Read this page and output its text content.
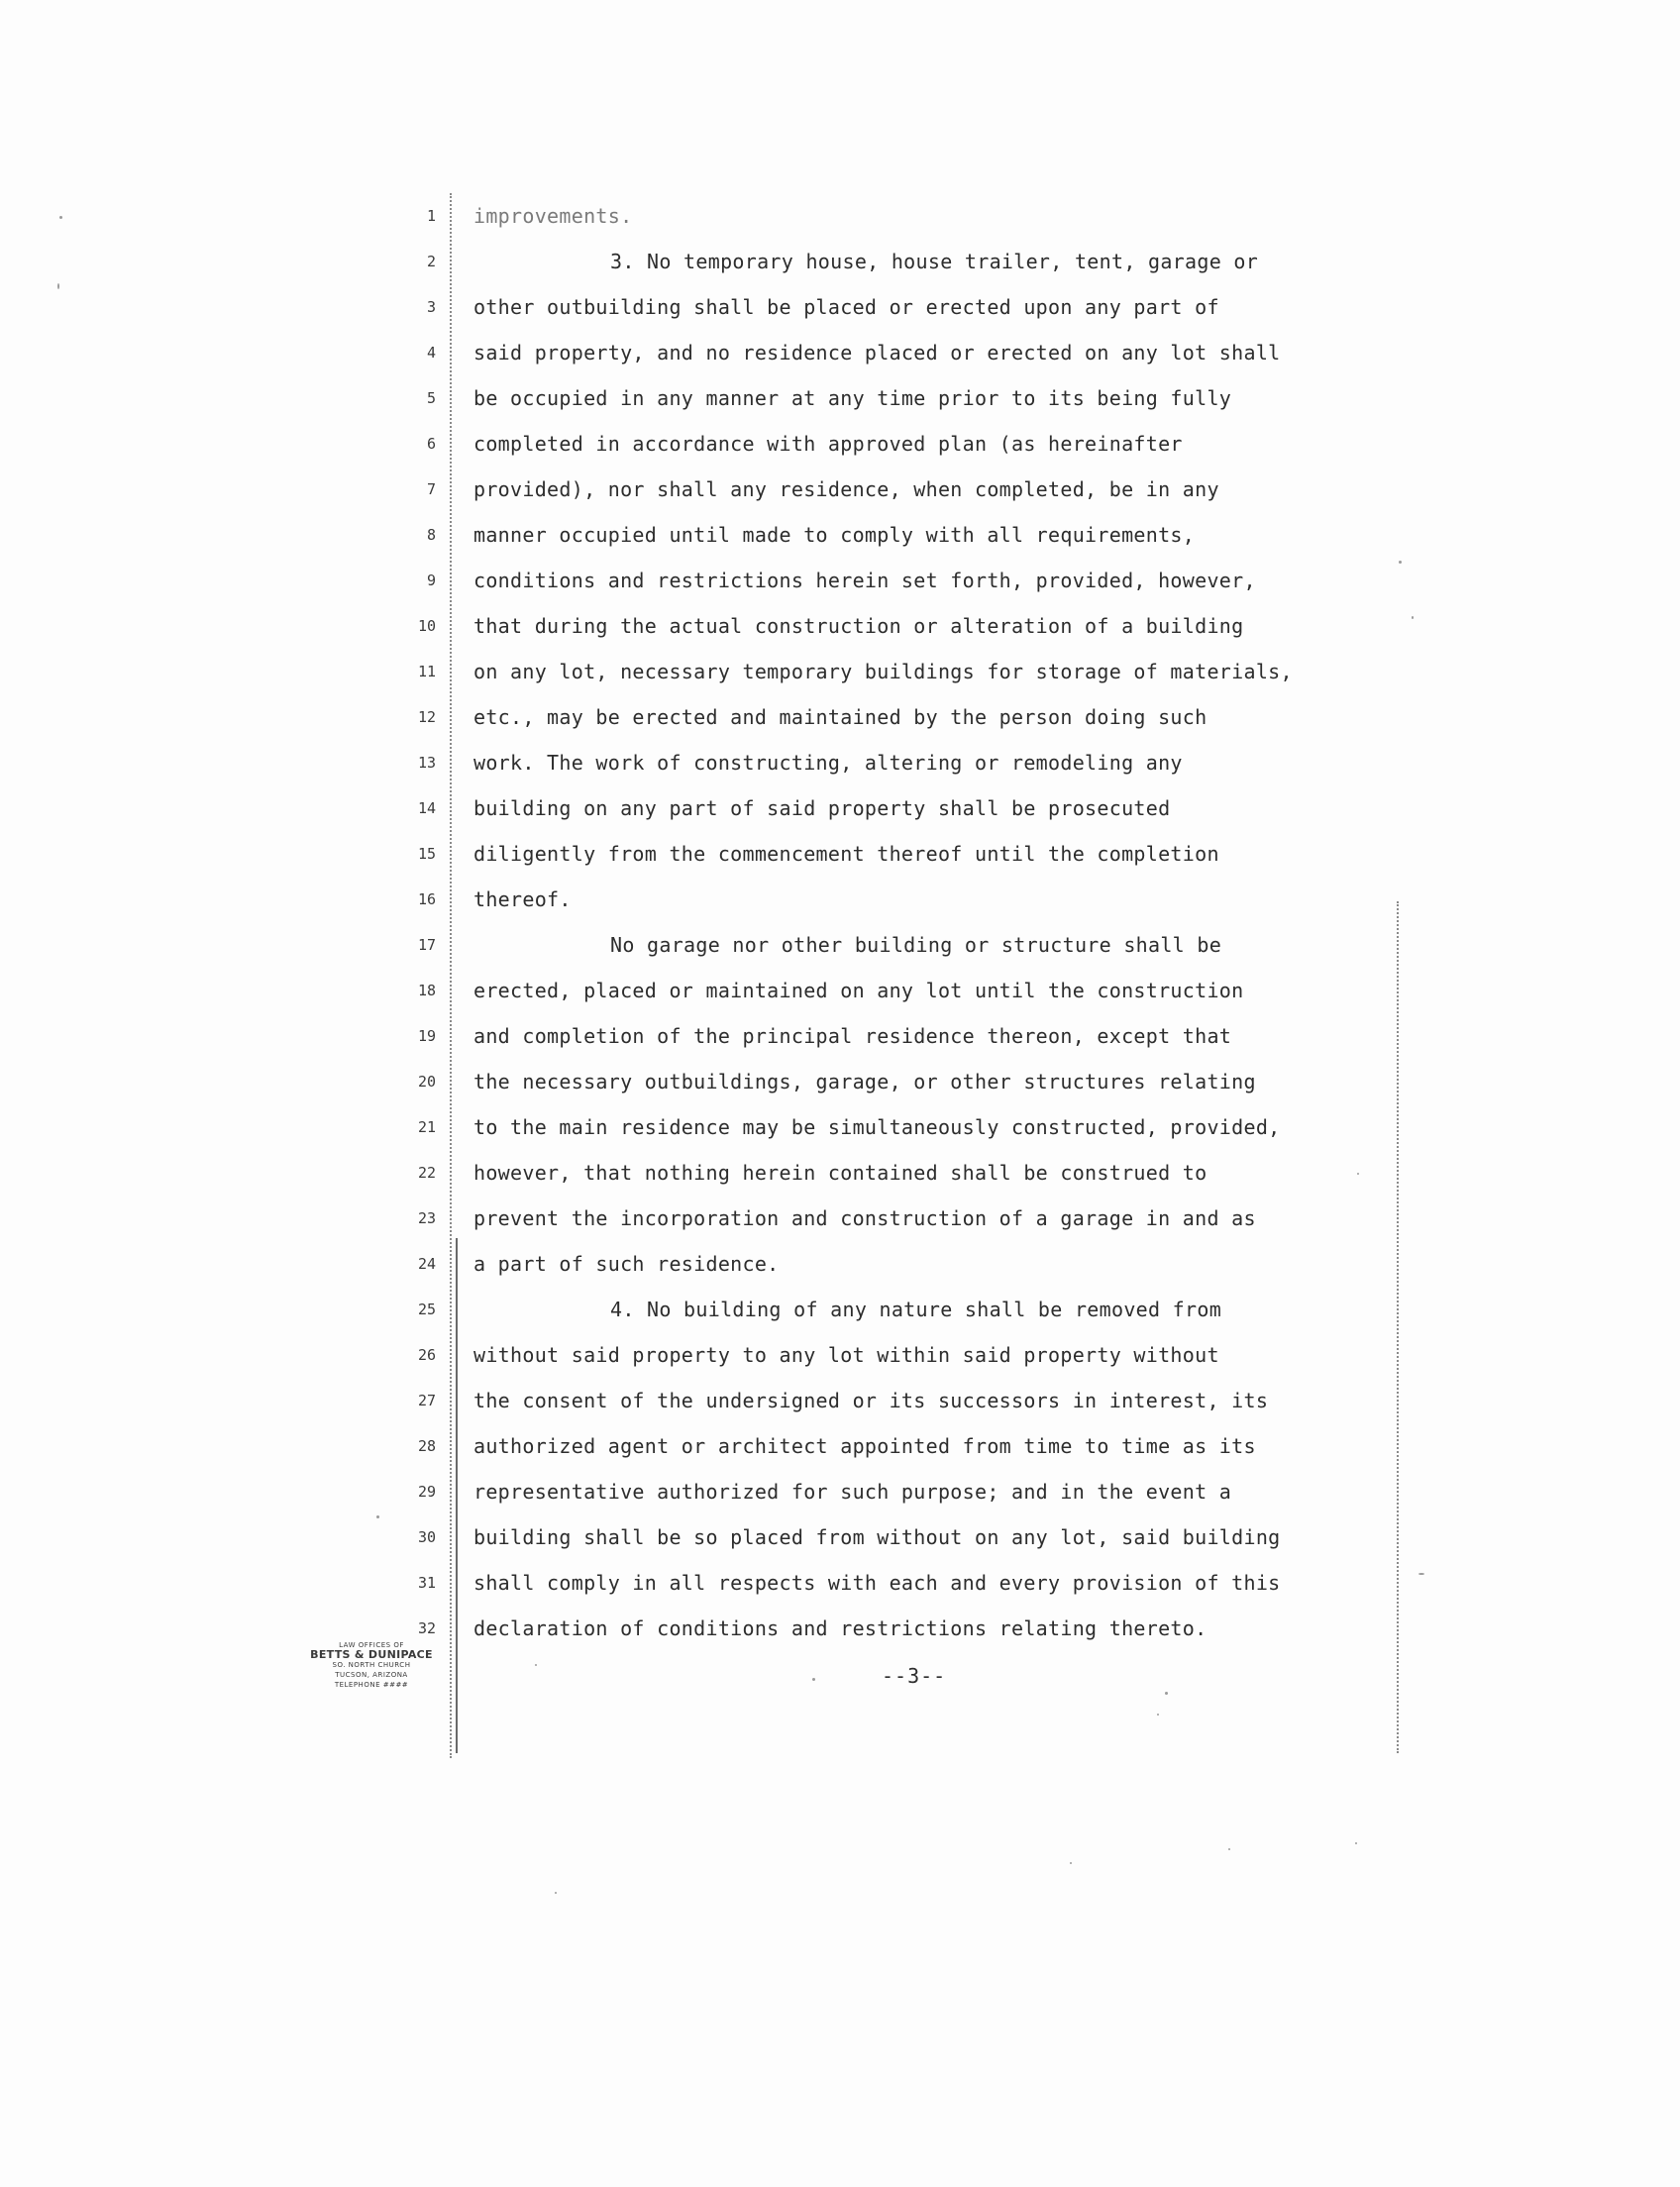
1
2
3
4
5
6
7
8
9
10
11
12
13
14
15
16
17
18
19
20
21
22
23
24
25
26
27
28
29
30
31
32
improvements.
3. No temporary house, house trailer, tent, garage or
other outbuilding shall be placed or erected upon any part of
said property, and no residence placed or erected on any lot shall
be occupied in any manner at any time prior to its being fully
completed in accordance with approved plan (as hereinafter
provided), nor shall any residence, when completed, be in any
manner occupied until made to comply with all requirements,
conditions and restrictions herein set forth, provided, however,
that during the actual construction or alteration of a building
on any lot, necessary temporary buildings for storage of materials,
etc., may be erected and maintained by the person doing such
work. The work of constructing, altering or remodeling any
building on any part of said property shall be prosecuted
diligently from the commencement thereof until the completion
thereof.
No garage nor other building or structure shall be
erected, placed or maintained on any lot until the construction
and completion of the principal residence thereon, except that
the necessary outbuildings, garage, or other structures relating
to the main residence may be simultaneously constructed, provided,
however, that nothing herein contained shall be construed to
prevent the incorporation and construction of a garage in and as
a part of such residence.
4. No building of any nature shall be removed from
without said property to any lot within said property without
the consent of the undersigned or its successors in interest, its
authorized agent or architect appointed from time to time as its
representative authorized for such purpose; and in the event a
building shall be so placed from without on any lot, said building
shall comply in all respects with each and every provision of this
declaration of conditions and restrictions relating thereto.
LAW OFFICES OF
BETTS & DUNIPACE
SO. NORTH CHURCH
TUCSON, ARIZONA
TELEPHONE ####	--3--
